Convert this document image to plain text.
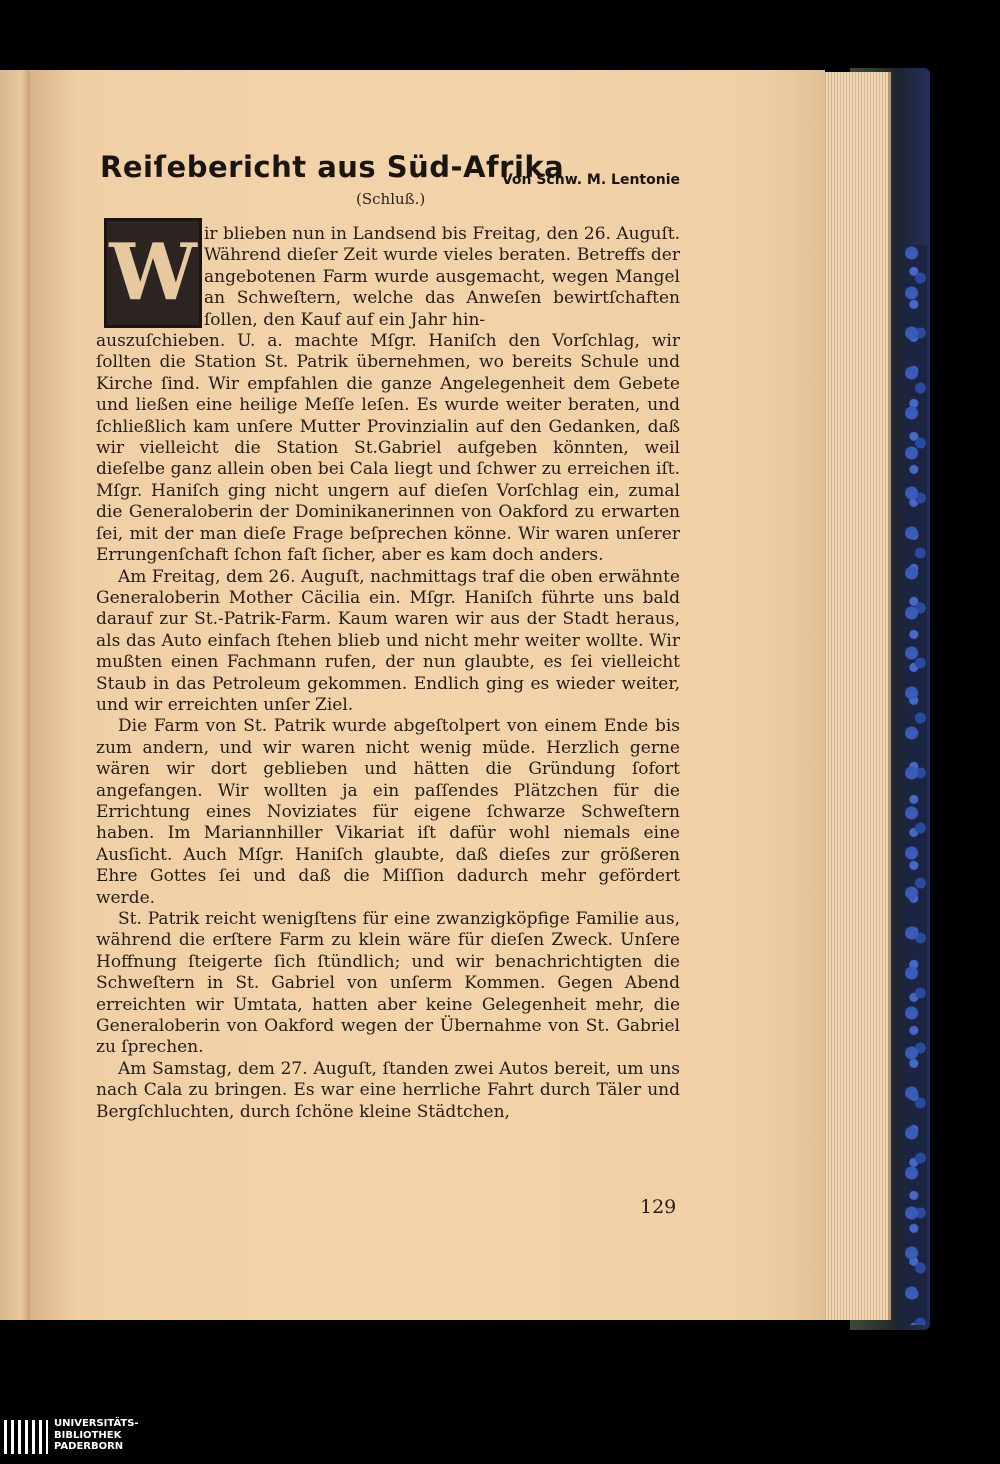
Reiſebericht aus Süd-Afrika
Von Schw. M. Lentonie
(Schluß.)
W ir blieben nun in Landsend bis Freitag, den 26. Auguſt. Während dieſer Zeit wurde vieles beraten. Betreffs der angebotenen Farm wurde ausgemacht, wegen Mangel an Schweſtern, welche das Anweſen bewirtſchaften ſollen, den Kauf auf ein Jahr hin-
auszuſchieben. U. a. machte Mſgr. Haniſch den Vorſchlag, wir ſollten die Station St. Patrik übernehmen, wo bereits Schule und Kirche ſind. Wir empfahlen die ganze Angelegenheit dem Gebete und ließen eine heilige Meſſe leſen. Es wurde weiter beraten, und ſchließlich kam unſere Mutter Provinzialin auf den Gedanken, daß wir vielleicht die Station St.Gabriel aufgeben könnten, weil dieſelbe ganz allein oben bei Cala liegt und ſchwer zu erreichen iſt. Mſgr. Haniſch ging nicht ungern auf dieſen Vorſchlag ein, zumal die Generaloberin der Dominikanerinnen von Oakford zu erwarten ſei, mit der man dieſe Frage beſprechen könne. Wir waren unſerer Errungenſchaft ſchon faſt ſicher, aber es kam doch anders.
Am Freitag, dem 26. Auguſt, nachmittags traf die oben erwähnte Generaloberin Mother Cäcilia ein. Mſgr. Haniſch führte uns bald darauf zur St.-Patrik-Farm. Kaum waren wir aus der Stadt heraus, als das Auto einfach ſtehen blieb und nicht mehr weiter wollte. Wir mußten einen Fachmann rufen, der nun glaubte, es ſei vielleicht Staub in das Petroleum gekommen. Endlich ging es wieder weiter, und wir erreichten unſer Ziel.
Die Farm von St. Patrik wurde abgeſtolpert von einem Ende bis zum andern, und wir waren nicht wenig müde. Herzlich gerne wären wir dort geblieben und hätten die Gründung ſofort angefangen. Wir wollten ja ein paſſendes Plätzchen für die Errichtung eines Noviziates für eigene ſchwarze Schweſtern haben. Im Mariannhiller Vikariat iſt dafür wohl niemals eine Ausſicht. Auch Mſgr. Haniſch glaubte, daß dieſes zur größeren Ehre Gottes ſei und daß die Miſſion dadurch mehr gefördert werde.
St. Patrik reicht wenigſtens für eine zwanzigköpfige Familie aus, während die erſtere Farm zu klein wäre für dieſen Zweck. Unſere Hoffnung ſteigerte ſich ſtündlich; und wir benachrichtigten die Schweſtern in St. Gabriel von unſerm Kommen. Gegen Abend erreichten wir Umtata, hatten aber keine Gelegenheit mehr, die Generaloberin von Oakford wegen der Übernahme von St. Gabriel zu ſprechen.
Am Samstag, dem 27. Auguſt, ſtanden zwei Autos bereit, um uns nach Cala zu bringen. Es war eine herrliche Fahrt durch Täler und Bergſchluchten, durch ſchöne kleine Städtchen,
129
UNIVERSITÄTS-
BIBLIOTHEK
PADERBORN
